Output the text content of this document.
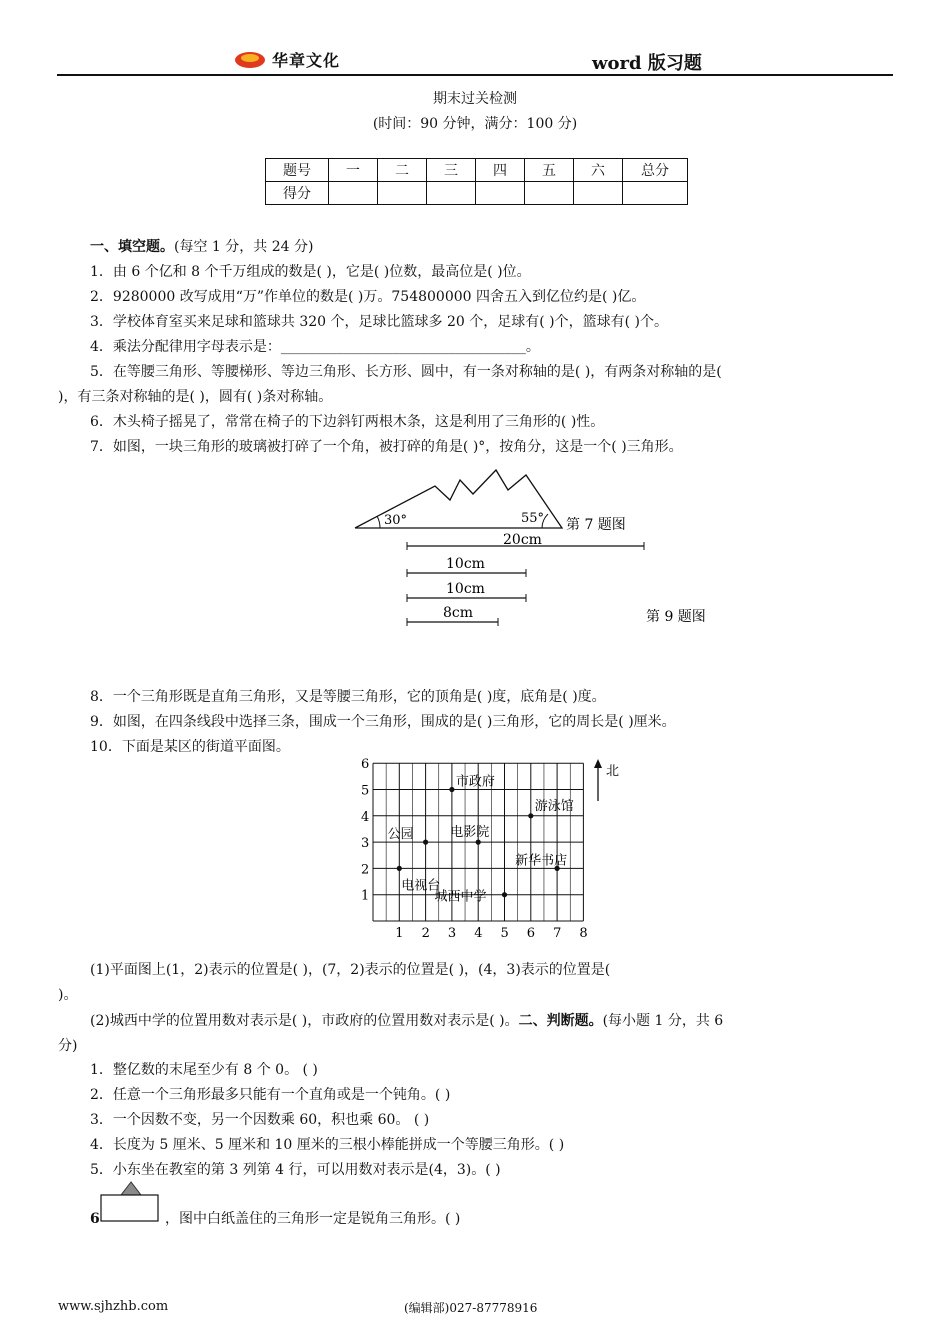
华章文化	word 版习题
期末过关检测
(时间：90 分钟，满分：100 分)
题号	一	二	三	四	五	六	总分
得分							
一、填空题。(每空 1 分，共 24 分)
1．由 6 个亿和 8 个千万组成的数是( )，它是( )位数，最高位是( )位。
2．9280000 改写成用“万”作单位的数是( )万。754800000 四舍五入到亿位约是( )亿。
3．学校体育室买来足球和篮球共 320 个，足球比篮球多 20 个，足球有( )个，篮球有( )个。
4．乘法分配律用字母表示是：___________________________________。
5．在等腰三角形、等腰梯形、等边三角形、长方形、圆中，有一条对称轴的是( )，有两条对称轴的是(
)，有三条对称轴的是( )，圆有( )条对称轴。
6．木头椅子摇晃了，常常在椅子的下边斜钉两根木条，这是利用了三角形的( )性。
7．如图，一块三角形的玻璃被打碎了一个角，被打碎的角是( )°，按角分，这是一个( )三角形。
30°	55° 第 7 题图
20cm
10cm
10cm
8cm	第 9 题图
8．一个三角形既是直角三角形，又是等腰三角形，它的顶角是( )度，底角是( )度。
9．如图，在四条线段中选择三条，围成一个三角形，围成的是( )三角形，它的周长是( )厘米。
10．下面是某区的街道平面图。
1 2 3 4 5 6 7 8
1
2
3
4
5
6
市政府
游泳馆
公园	电影院
新华书店
电视台
城西中学
北
(1)平面图上(1，2)表示的位置是( )，(7，2)表示的位置是( )，(4，3)表示的位置是(
)。
(2)城西中学的位置用数对表示是( )，市政府的位置用数对表示是( )。二、判断题。(每小题 1 分，共 6
分)
1．整亿数的末尾至少有 8 个 0。 ( )
2．任意一个三角形最多只能有一个直角或是一个钝角。( )
3．一个因数不变，另一个因数乘 60，积也乘 60。 ( )
4．长度为 5 厘米、5 厘米和 10 厘米的三根小棒能拼成一个等腰三角形。( )
5．小东坐在教室的第 3 列第 4 行，可以用数对表示是(4，3)。( )
6	，图中白纸盖住的三角形一定是锐角三角形。( )
www.sjhzhb.com	(编辑部)027-87778916
